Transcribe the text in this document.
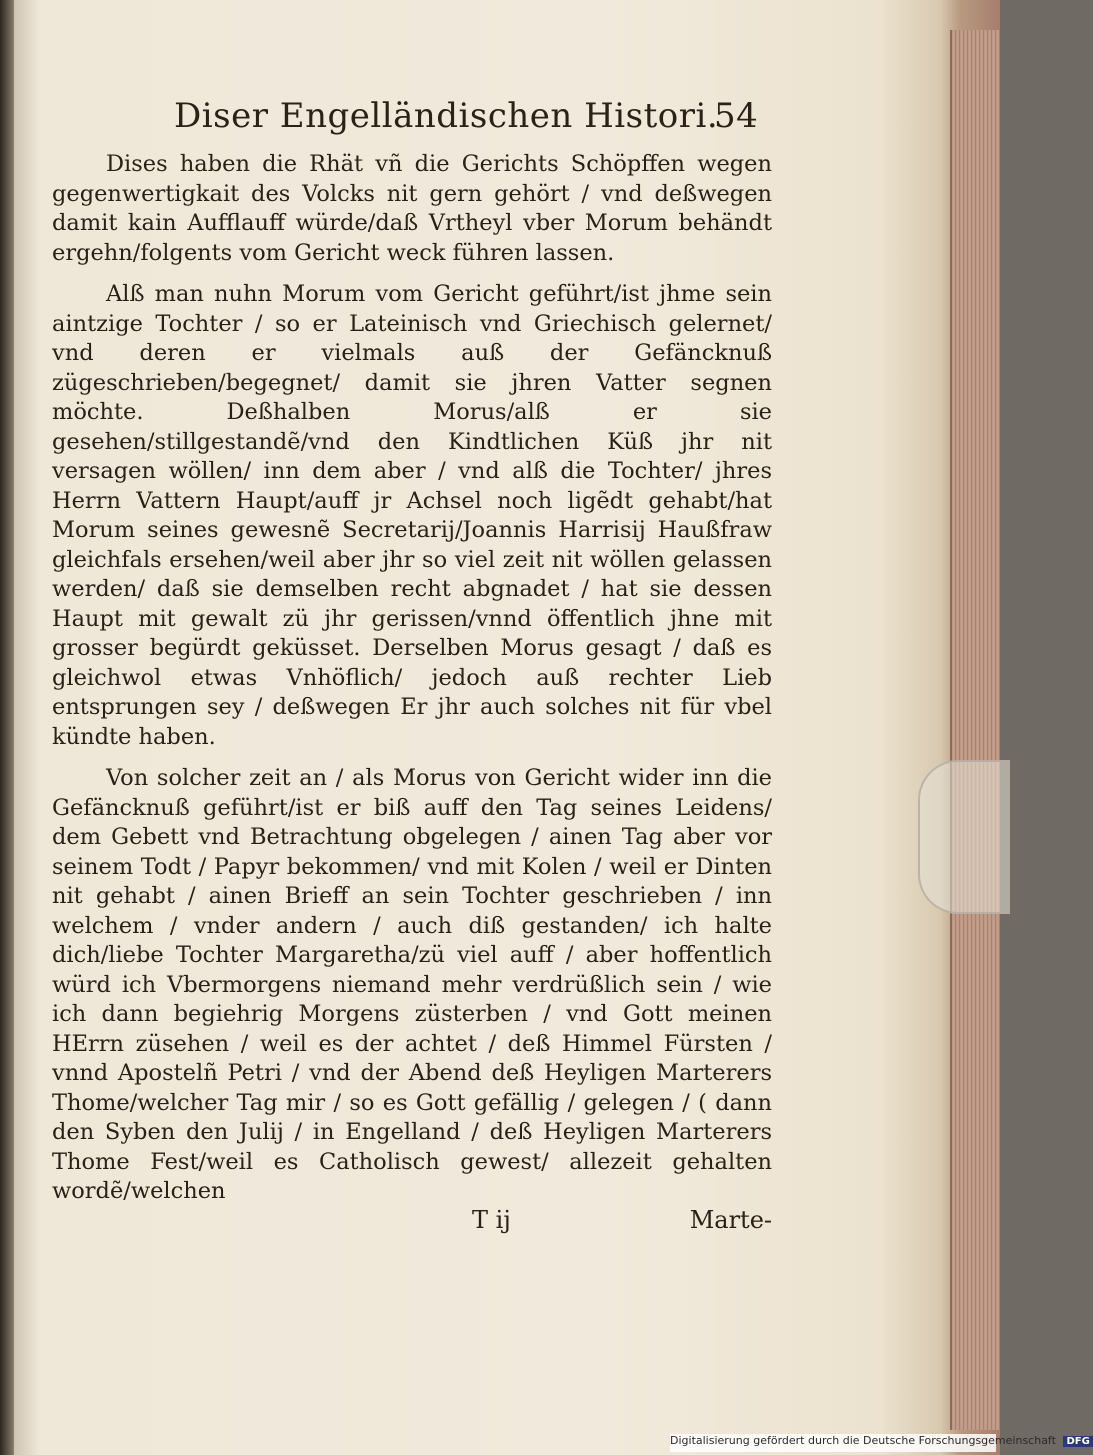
Diser Engelländischen Histori.
54

Dises haben die Rhät vñ die Gerichts Schöpffen wegen gegenwertigkait des Volcks nit gern gehört / vnd deßwegen damit kain Aufflauff würde/daß Vrtheyl vber Morum behändt ergehn/folgents vom Gericht weck führen lassen.

Alß man nuhn Morum vom Gericht geführt/ist jhme sein aintzige Tochter / so er Lateinisch vnd Griechisch gelernet/ vnd deren er vielmals auß der Gefäncknuß zügeschrieben/begegnet/ damit sie jhren Vatter segnen möchte. Deßhalben Morus/alß er sie gesehen/stillgestandẽ/vnd den Kindtlichen Küß jhr nit versagen wöllen/ inn dem aber / vnd alß die Tochter/ jhres Herrn Vattern Haupt/auff jr Achsel noch ligẽdt gehabt/hat Morum seines gewesnẽ Secretarij/Joannis Harrisij Haußfraw gleichfals ersehen/weil aber jhr so viel zeit nit wöllen gelassen werden/ daß sie demselben recht abgnadet / hat sie dessen Haupt mit gewalt zü jhr gerissen/vnnd öffentlich jhne mit grosser begürdt geküsset. Derselben Morus gesagt / daß es gleichwol etwas Vnhöflich/ jedoch auß rechter Lieb entsprungen sey / deßwegen Er jhr auch solches nit für vbel kündte haben.

Von solcher zeit an / als Morus von Gericht wider inn die Gefäncknuß geführt/ist er biß auff den Tag seines Leidens/ dem Gebett vnd Betrachtung obgelegen / ainen Tag aber vor seinem Todt / Papyr bekommen/ vnd mit Kolen / weil er Dinten nit gehabt / ainen Brieff an sein Tochter geschrieben / inn welchem / vnder andern / auch diß gestanden/ ich halte dich/liebe Tochter Margaretha/zü viel auff / aber hoffentlich würd ich Vbermorgens niemand mehr verdrüßlich sein / wie ich dann begiehrig Morgens züsterben / vnd Gott meinen HErrn züsehen / weil es der achtet / deß Himmel Fürsten / vnnd Apostelñ Petri / vnd der Abend deß Heyligen Marterers Thome/welcher Tag mir / so es Gott gefällig / gelegen / ( dann den Syben den Julij / in Engelland / deß Heyligen Marterers Thome Fest/weil es Catholisch gewest/ allezeit gehalten wordẽ/welchen

T ij	Marte-
Digitalisierung gefördert durch die Deutsche Forschungsgemeinschaft DFG
